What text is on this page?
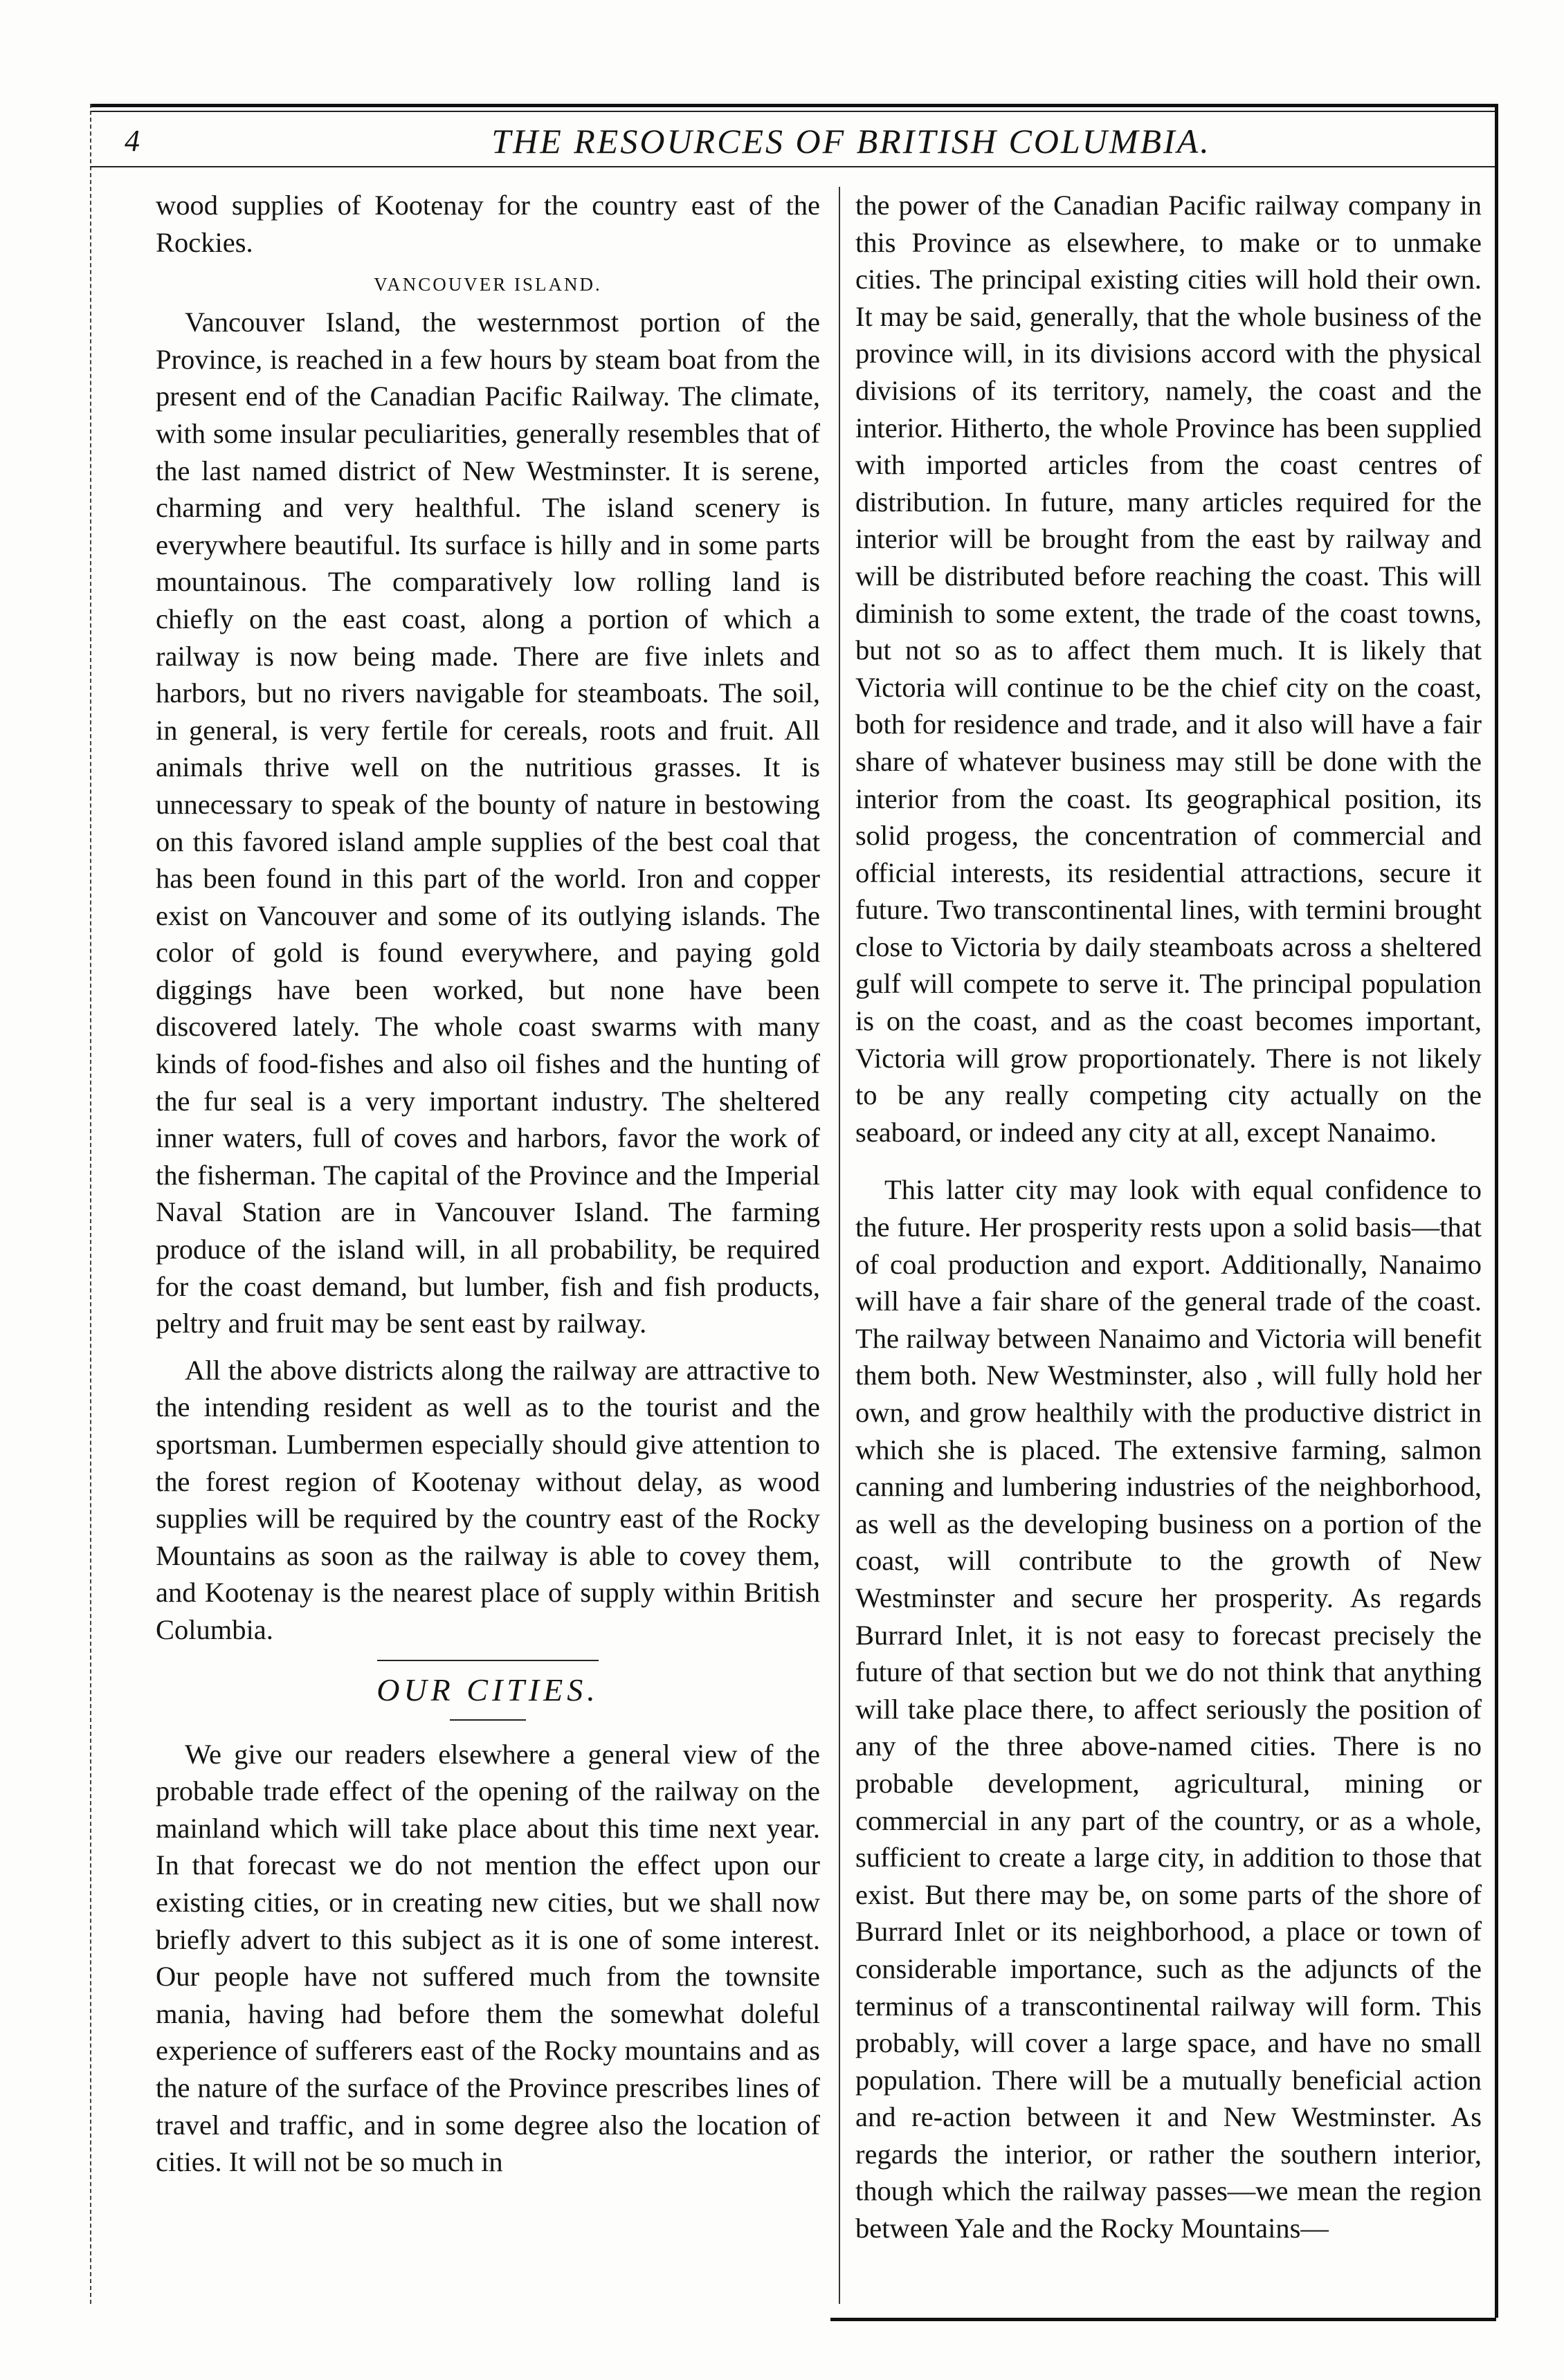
4	THE RESOURCES OF BRITISH COLUMBIA.

wood supplies of Kootenay for the country east of the Rockies.

VANCOUVER ISLAND.

Vancouver Island, the westernmost portion of the Province, is reached in a few hours by steam boat from the present end of the Canadian Pacific Railway. The climate, with some insular peculiarities, generally resembles that of the last named district of New Westminster. It is serene, charming and very healthful. The island scenery is everywhere beautiful. Its surface is hilly and in some parts mountainous. The comparatively low rolling land is chiefly on the east coast, along a portion of which a railway is now being made. There are five inlets and harbors, but no rivers navigable for steamboats. The soil, in general, is very fertile for cereals, roots and fruit. All animals thrive well on the nutritious grasses. It is unnecessary to speak of the bounty of nature in bestowing on this favored island ample supplies of the best coal that has been found in this part of the world. Iron and copper exist on Vancouver and some of its outlying islands. The color of gold is found everywhere, and paying gold diggings have been worked, but none have been discovered lately. The whole coast swarms with many kinds of food-fishes and also oil fishes and the hunting of the fur seal is a very important industry. The sheltered inner waters, full of coves and harbors, favor the work of the fisherman. The capital of the Province and the Imperial Naval Station are in Vancouver Island. The farming produce of the island will, in all probability, be required for the coast demand, but lumber, fish and fish products, peltry and fruit may be sent east by railway.

All the above districts along the railway are attractive to the intending resident as well as to the tourist and the sportsman. Lumbermen especially should give attention to the forest region of Kootenay without delay, as wood supplies will be required by the country east of the Rocky Mountains as soon as the railway is able to covey them, and Kootenay is the nearest place of supply within British Columbia.

OUR CITIES.

We give our readers elsewhere a general view of the probable trade effect of the opening of the railway on the mainland which will take place about this time next year. In that forecast we do not mention the effect upon our existing cities, or in creating new cities, but we shall now briefly advert to this subject as it is one of some interest. Our people have not suffered much from the townsite mania, having had before them the somewhat doleful experience of sufferers east of the Rocky mountains and as the nature of the surface of the Province prescribes lines of travel and traffic, and in some degree also the location of cities. It will not be so much in

the power of the Canadian Pacific railway company in this Province as elsewhere, to make or to unmake cities. The principal existing cities will hold their own. It may be said, generally, that the whole business of the province will, in its divisions accord with the physical divisions of its territory, namely, the coast and the interior. Hitherto, the whole Province has been supplied with imported articles from the coast centres of distribution. In future, many articles required for the interior will be brought from the east by railway and will be distributed before reaching the coast. This will diminish to some extent, the trade of the coast towns, but not so as to affect them much. It is likely that Victoria will continue to be the chief city on the coast, both for residence and trade, and it also will have a fair share of whatever business may still be done with the interior from the coast. Its geographical position, its solid progess, the concentration of commercial and official interests, its residential attractions, secure it future. Two transcontinental lines, with termini brought close to Victoria by daily steamboats across a sheltered gulf will compete to serve it. The principal population is on the coast, and as the coast becomes important, Victoria will grow proportionately. There is not likely to be any really competing city actually on the seaboard, or indeed any city at all, except Nanaimo.

This latter city may look with equal confidence to the future. Her prosperity rests upon a solid basis—that of coal production and export. Additionally, Nanaimo will have a fair share of the general trade of the coast. The railway between Nanaimo and Victoria will benefit them both. New Westminster, also , will fully hold her own, and grow healthily with the productive district in which she is placed. The extensive farming, salmon canning and lumbering industries of the neighborhood, as well as the developing business on a portion of the coast, will contribute to the growth of New Westminster and secure her prosperity. As regards Burrard Inlet, it is not easy to forecast precisely the future of that section but we do not think that anything will take place there, to affect seriously the position of any of the three above-named cities. There is no probable development, agricultural, mining or commercial in any part of the country, or as a whole, sufficient to create a large city, in addition to those that exist. But there may be, on some parts of the shore of Burrard Inlet or its neighborhood, a place or town of considerable importance, such as the adjuncts of the terminus of a transcontinental railway will form. This probably, will cover a large space, and have no small population. There will be a mutually beneficial action and re-action between it and New Westminster. As regards the interior, or rather the southern interior, though which the railway passes—we mean the region between Yale and the Rocky Mountains—
